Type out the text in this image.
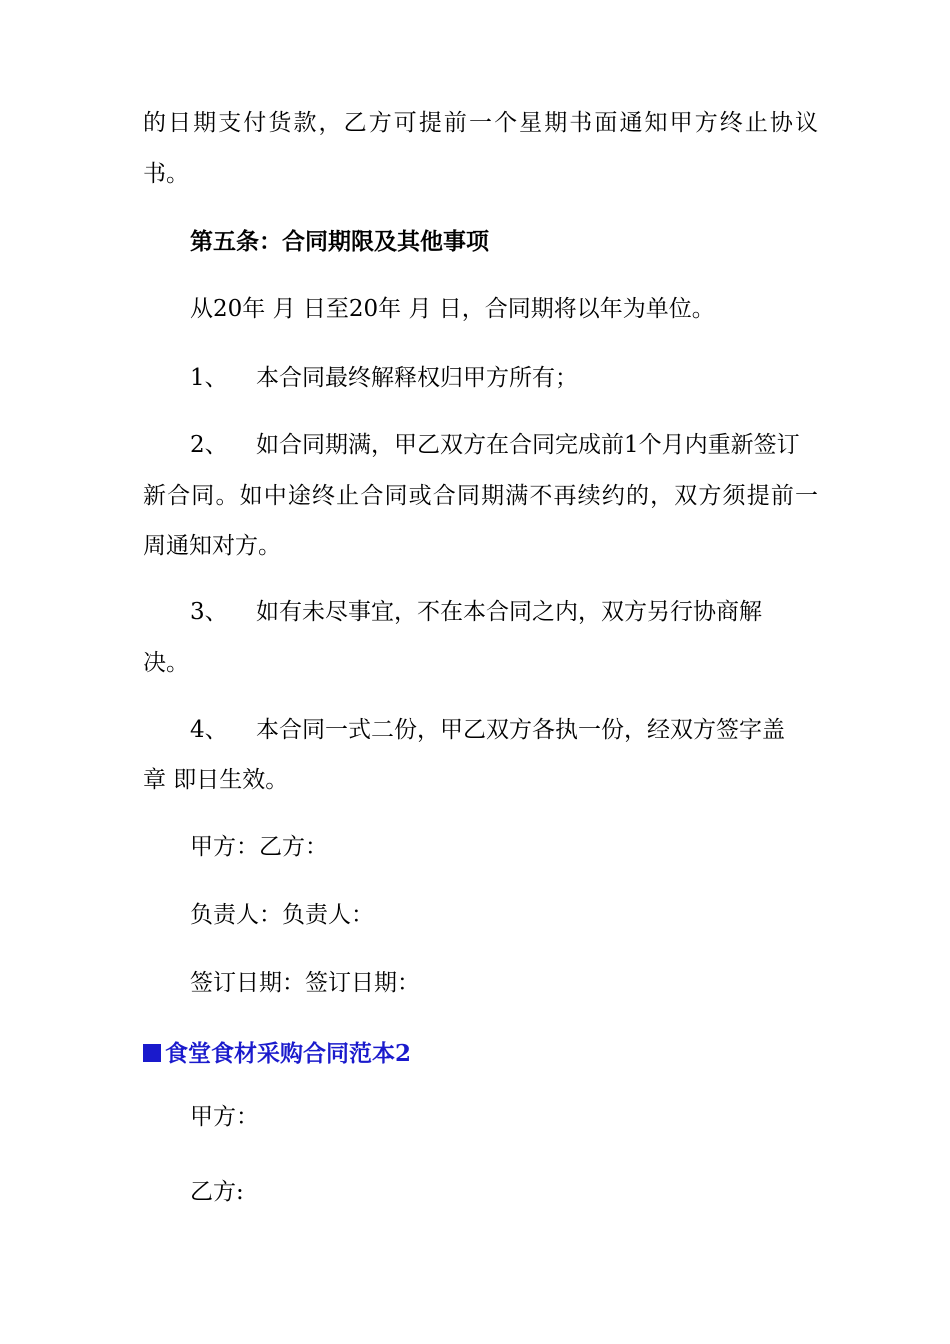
的日期支付货款，乙方可提前一个星期书面通知甲方终止协议
书。
第五条：合同期限及其他事项
从20年 月 日至20年 月 日，合同期将以年为单位。
1、 本合同最终解释权归甲方所有；
2、 如合同期满，甲乙双方在合同完成前1个月内重新签订
新合同。如中途终止合同或合同期满不再续约的，双方须提前一
周通知对方。
3、 如有未尽事宜，不在本合同之内，双方另行协商解
决。
4、 本合同一式二份，甲乙双方各执一份，经双方签字盖
章 即日生效。
甲方：乙方：
负责人：负责人：
签订日期：签订日期：
食堂食材采购合同范本2
甲方：
乙方:
